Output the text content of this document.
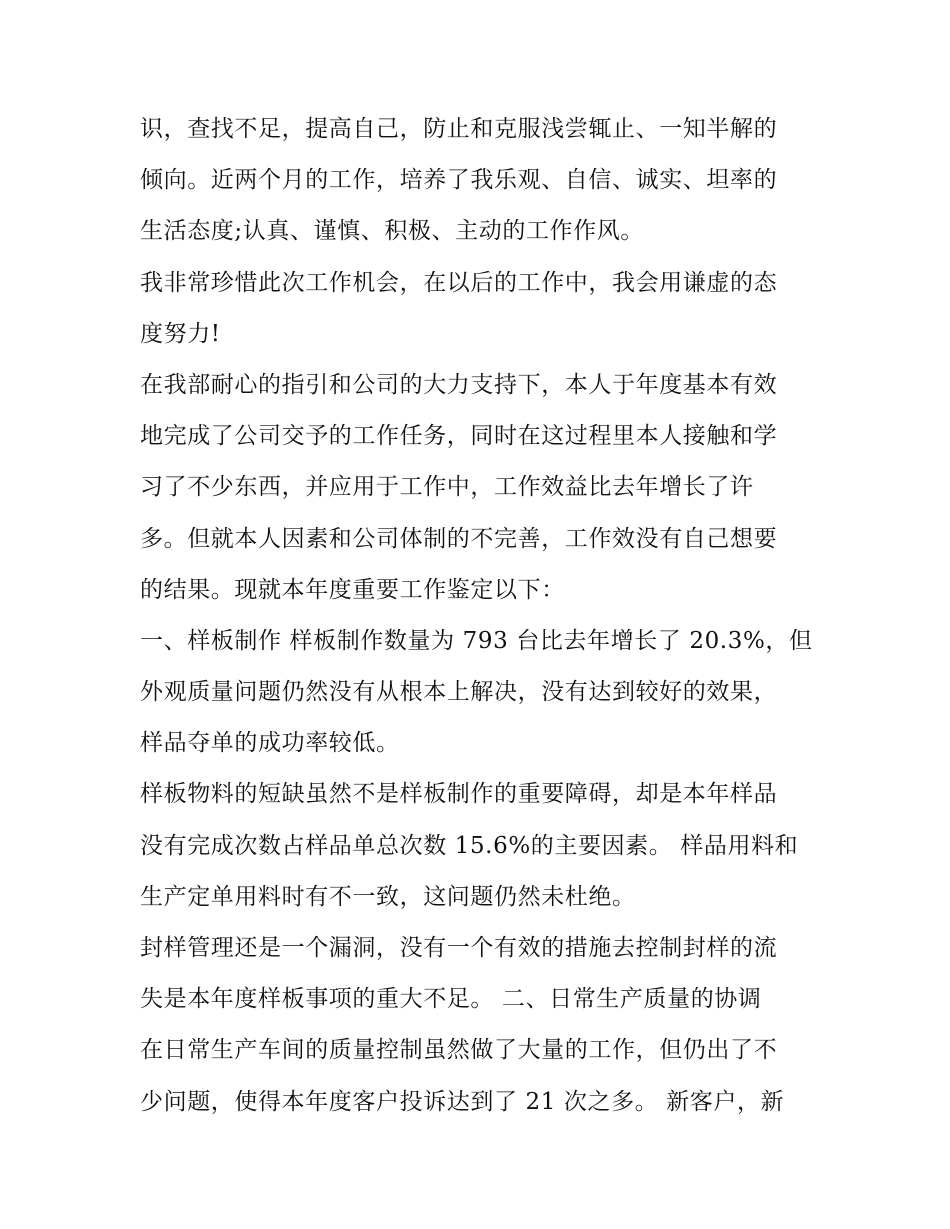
识，查找不足，提高自己，防止和克服浅尝辄止、一知半解的
倾向。近两个月的工作，培养了我乐观、自信、诚实、坦率的
生活态度;认真、谨慎、积极、主动的工作作风。
我非常珍惜此次工作机会，在以后的工作中，我会用谦虚的态
度努力!
在我部耐心的指引和公司的大力支持下，本人于年度基本有效
地完成了公司交予的工作任务，同时在这过程里本人接触和学
习了不少东西，并应用于工作中，工作效益比去年增长了许
多。但就本人因素和公司体制的不完善，工作效没有自己想要
的结果。现就本年度重要工作鉴定以下：
一、样板制作 样板制作数量为 793 台比去年增长了 20.3%，但
外观质量问题仍然没有从根本上解决，没有达到较好的效果，
样品夺单的成功率较低。
样板物料的短缺虽然不是样板制作的重要障碍，却是本年样品
没有完成次数占样品单总次数 15.6%的主要因素。 样品用料和
生产定单用料时有不一致，这问题仍然未杜绝。
封样管理还是一个漏洞，没有一个有效的措施去控制封样的流
失是本年度样板事项的重大不足。 二、日常生产质量的协调
在日常生产车间的质量控制虽然做了大量的工作，但仍出了不
少问题，使得本年度客户投诉达到了 21 次之多。 新客户，新
